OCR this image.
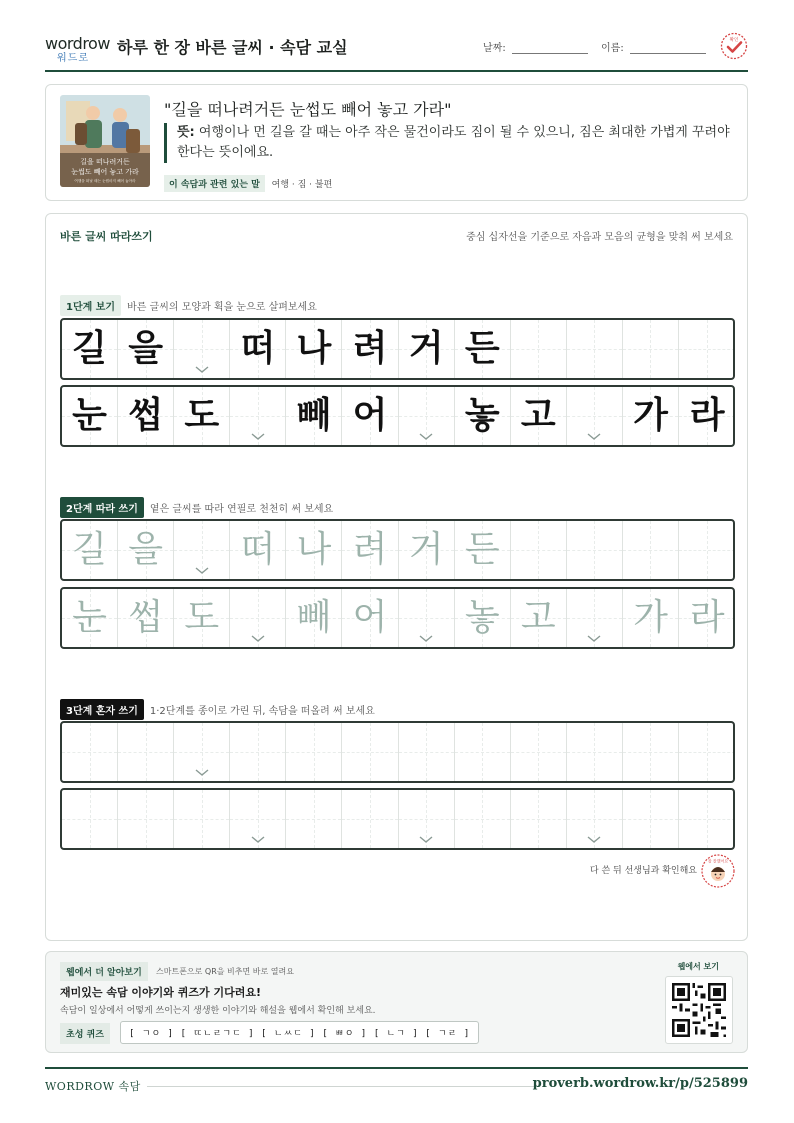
wordrow
워드로
하루 한 장 바른 글씨 · 속담 교실	날짜:	이름:
확인
길을 떠나려거든
눈썹도 빼어 놓고 가라
여행을 떠날 때는 눈썹마저 빼어 놓아라
"길을 떠나려거든 눈썹도 빼어 놓고 가라"
뜻: 여행이나 먼 길을 갈 때는 아주 작은 물건이라도 짐이 될 수 있으니, 짐은 최대한 가볍게 꾸려야 한다는 뜻이에요.
이 속담과 관련 있는 말 여행 · 짐 · 불편
바른 글씨 따라쓰기	중심 십자선을 기준으로 자음과 모음의 균형을 맞춰 써 보세요
1단계 보기 바른 글씨의 모양과 획을 눈으로 살펴보세요
길 을 떠 나 려 거 든
눈 썹 도 빼 어 놓 고 가 라
2단계 따라 쓰기 옅은 글씨를 따라 연필로 천천히 써 보세요
길 을 떠 나 려 거 든
눈 썹 도 빼 어 놓 고 가 라
3단계 혼자 쓰기 1·2단계를 종이로 가린 뒤, 속담을 떠올려 써 보세요
다 쓴 뒤 선생님과 확인해요
참 잘했어요
웹에서 더 알아보기	스마트폰으로 QR을 비추면 바로 열려요
재미있는 속담 이야기와 퀴즈가 기다려요!
속담이 일상에서 어떻게 쓰이는지 생생한 이야기와 해설을 웹에서 확인해 보세요.
초성 퀴즈	[ ㄱㅇ ] [ ㄸㄴㄹㄱㄷ ] [ ㄴㅆㄷ ] [ ㅃㅇ ] [ ㄴㄱ ] [ ㄱㄹ ]
웹에서 보기
WORDROW 속담	proverb.wordrow.kr/p/525899
